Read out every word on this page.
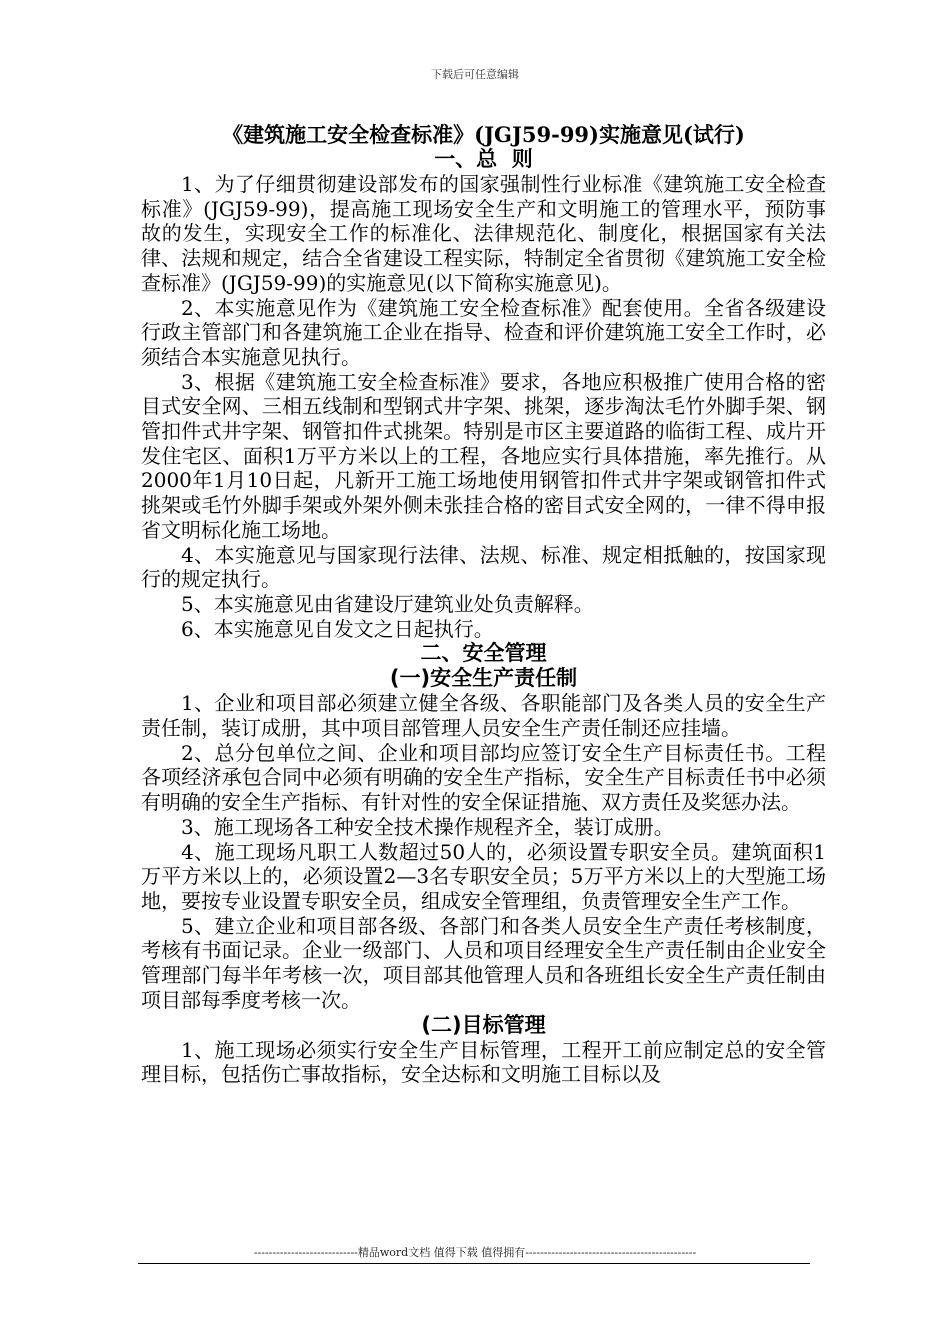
下载后可任意编辑
《建筑施工安全检查标准》(JGJ59-99)实施意见(试行)
一、总  则

1、为了仔细贯彻建设部发布的国家强制性行业标准《建筑施工安全检查标准》(JGJ59-99)，提高施工现场安全生产和文明施工的管理水平，预防事故的发生，实现安全工作的标准化、法律规范化、制度化，根据国家有关法律、法规和规定，结合全省建设工程实际，特制定全省贯彻《建筑施工安全检查标准》(JGJ59-99)的实施意见(以下简称实施意见)。

2、本实施意见作为《建筑施工安全检查标准》配套使用。全省各级建设行政主管部门和各建筑施工企业在指导、检查和评价建筑施工安全工作时，必须结合本实施意见执行。

3、根据《建筑施工安全检查标准》要求，各地应积极推广使用合格的密目式安全网、三相五线制和型钢式井字架、挑架，逐步淘汰毛竹外脚手架、钢管扣件式井字架、钢管扣件式挑架。特别是市区主要道路的临街工程、成片开发住宅区、面积1万平方米以上的工程，各地应实行具体措施，率先推行。从2000年1月10日起，凡新开工施工场地使用钢管扣件式井字架或钢管扣件式挑架或毛竹外脚手架或外架外侧未张挂合格的密目式安全网的，一律不得申报省文明标化施工场地。

4、本实施意见与国家现行法律、法规、标准、规定相抵触的，按国家现行的规定执行。

5、本实施意见由省建设厅建筑业处负责解释。

6、本实施意见自发文之日起执行。

二、安全管理
(一)安全生产责任制

1、企业和项目部必须建立健全各级、各职能部门及各类人员的安全生产责任制，装订成册，其中项目部管理人员安全生产责任制还应挂墙。

2、总分包单位之间、企业和项目部均应签订安全生产目标责任书。工程各项经济承包合同中必须有明确的安全生产指标，安全生产目标责任书中必须有明确的安全生产指标、有针对性的安全保证措施、双方责任及奖惩办法。

3、施工现场各工种安全技术操作规程齐全，装订成册。

4、施工现场凡职工人数超过50人的，必须设置专职安全员。建筑面积1万平方米以上的，必须设置2—3名专职安全员；5万平方米以上的大型施工场地，要按专业设置专职安全员，组成安全管理组，负责管理安全生产工作。

5、建立企业和项目部各级、各部门和各类人员安全生产责任考核制度，考核有书面记录。企业一级部门、人员和项目经理安全生产责任制由企业安全管理部门每半年考核一次，项目部其他管理人员和各班组长安全生产责任制由项目部每季度考核一次。

(二)目标管理

1、施工现场必须实行安全生产目标管理，工程开工前应制定总的安全管理目标，包括伤亡事故指标，安全达标和文明施工目标以及

----------------------------精品word文档 值得下载 值得拥有----------------------------------------------
